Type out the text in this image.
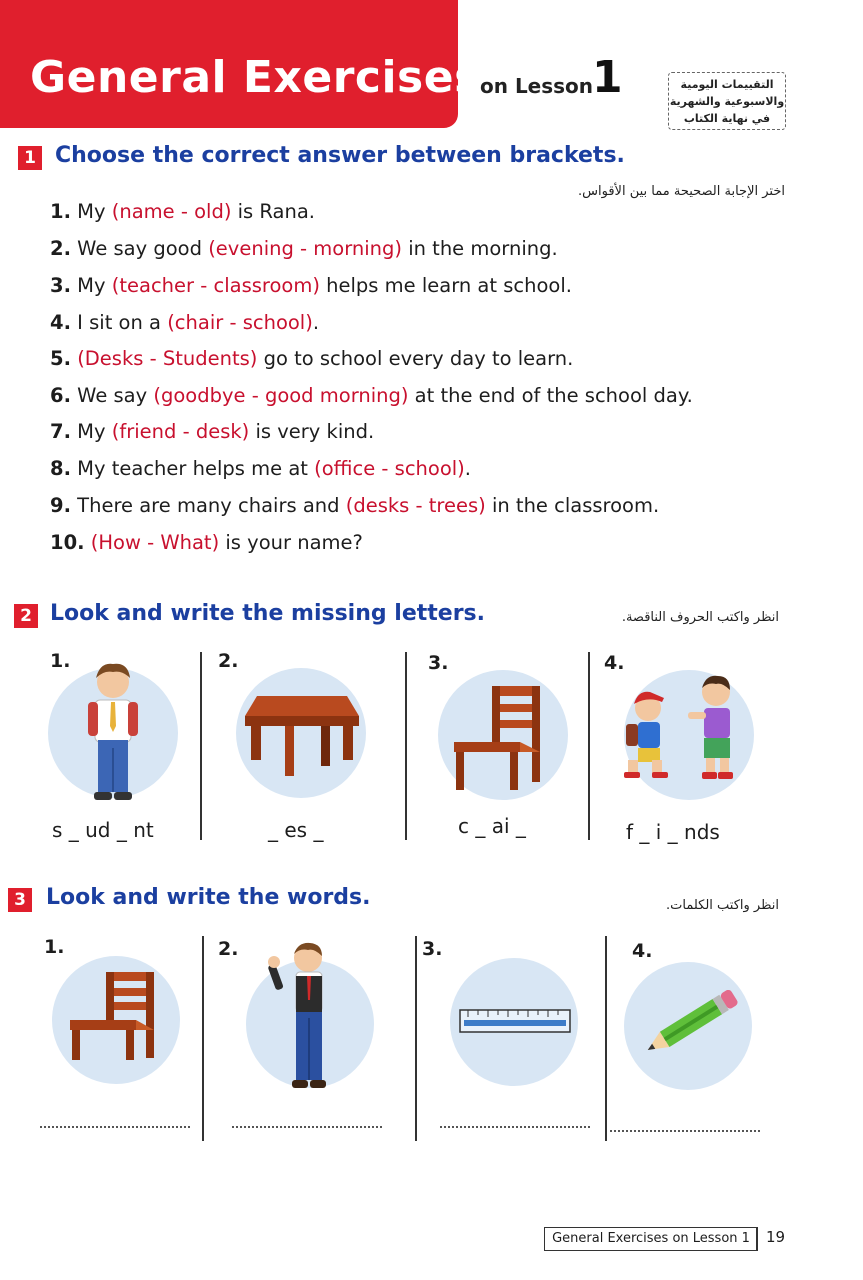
General Exercises on Lesson
1	التقييمات اليومية
والاسبوعية والشهرية
في نهاية الكتاب
1 Choose the correct answer between brackets.
اختر الإجابة الصحيحة مما بين الأقواس.
1. My (name - old) is Rana.
2. We say good (evening - morning) in the morning.
3. My (teacher - classroom) helps me learn at school.
4. I sit on a (chair - school).
5. (Desks - Students) go to school every day to learn.
6. We say (goodbye - good morning) at the end of the school day.
7. My (friend - desk) is very kind.
8. My teacher helps me at (office - school).
9. There are many chairs and (desks - trees) in the classroom.
10. (How - What) is your name?
2 Look and write the missing letters.	انظر واكتب الحروف الناقصة.
1.	2.	3.	4.
s _ ud _ nt	_ es _	c _ ai _	f _ i _ nds
3 Look and write the words.	انظر واكتب الكلمات.
1.	2.	3.	4.
General Exercises on Lesson 1	19
